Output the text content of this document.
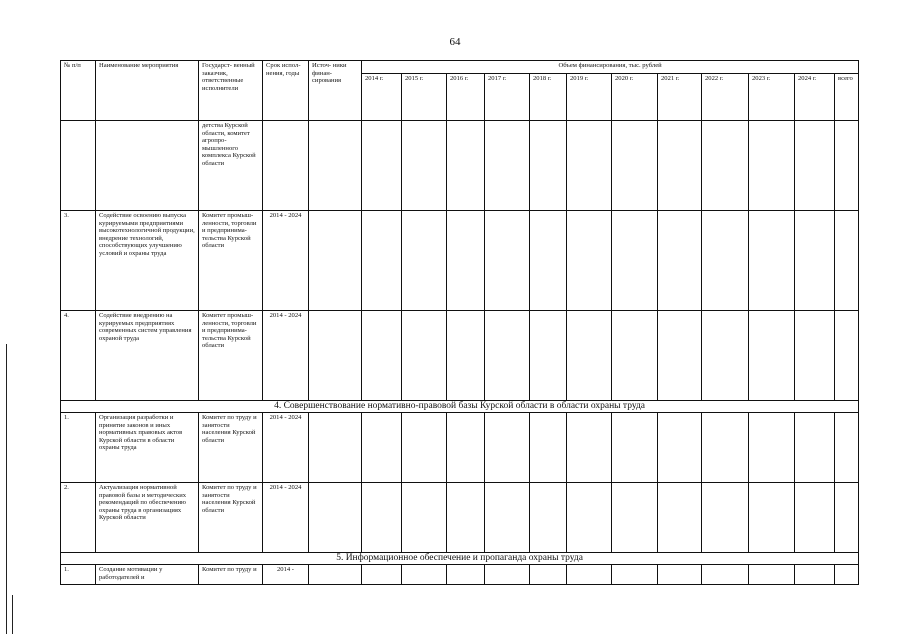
64
№ п/п	Наименование мероприятия	Государст- венный заказчик, ответственные исполнители	Срок испол- нения, годы	Источ- ники финан- сирования	Объем финансирования, тыс. рублей											
					2014 г.	2015 г.	2016 г.	2017 г.	2018 г.	2019 г.	2020 г.	2021 г.	2022 г.	2023 г.	2024 г.	всего
		детства Курской области, комитет агропро- мышленного комплекса Курской области														
3.	Содействие освоению выпуска курируемыми предприятиями высокотехнологичной продукции, внедрение технологий, способствующих улучшению условий и охраны труда	Комитет промыш- ленности, торговли и предпринима- тельства Курской области	2014 - 2024													
4.	Содействие внедрению на курируемых предприятиях современных систем управления охраной труда	Комитет промыш- ленности, торговли и предпринима- тельства Курской области	2014 - 2024													
4. Совершенствование нормативно-правовой базы Курской области в области охраны труда																
1.	Организация разработки и принятие законов и иных нормативных правовых актов Курской области в области охраны труда	Комитет по труду и занятости населения Курской области	2014 - 2024													
2.	Актуализация нормативной правовой базы и методических рекомендаций по обеспечению охраны труда в организациях Курской области	Комитет по труду и занятости населения Курской области	2014 - 2024													
5. Информационное обеспечение и пропаганда охраны труда																
1.	Создание мотивации у работодателей и	Комитет по труду и	2014 -													
